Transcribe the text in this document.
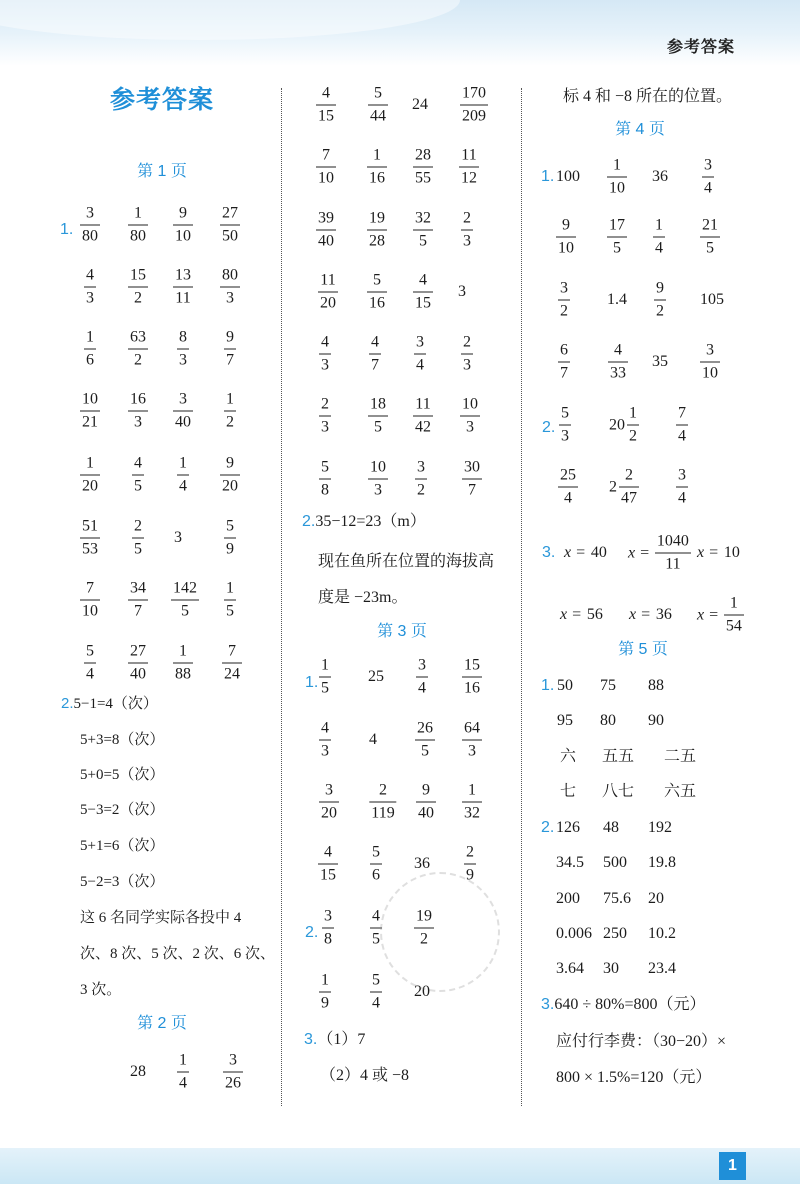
参考答案
参考答案
第 1 页
1. $\frac{3}{80} \frac{1}{80} \frac{9}{10} \frac{27}{50}$
$\frac{4}{3} \frac{15}{2} \frac{13}{11} \frac{80}{3}$
$\frac{1}{6} \frac{63}{2} \frac{8}{3} \frac{9}{7}$
$\frac{10}{21} \frac{16}{3} \frac{3}{40} \frac{1}{2}$
$\frac{1}{20} \frac{4}{5} \frac{1}{4} \frac{9}{20}$
$\frac{51}{53} \frac{2}{5} 3$	$\frac{5}{9}$
$\frac{7}{10} \frac{34}{7} \frac{142}{5} \frac{1}{5}$
$\frac{5}{4} \frac{27}{40} \frac{1}{88} \frac{7}{24}$
2.5−1=4（次）
5+3=8（次）
5+0=5（次）
5−3=2（次）
5+1=6（次）
5−2=3（次）
这 6 名同学实际各投中 4
次、8 次、5 次、2 次、6 次、
3 次。
第 2 页
$28 \frac{1}{4} \frac{3}{26}$
$\frac{4}{15} \frac{5}{44} 24 \frac{170}{209}$
$\frac{7}{10} \frac{1}{16} \frac{28}{55} \frac{11}{12}$
$\frac{39}{40} \frac{19}{28} \frac{32}{5} \frac{2}{3}$
$\frac{11}{20} \frac{5}{16} \frac{4}{15} 3$
$\frac{4}{3} \frac{4}{7} \frac{3}{4} \frac{2}{3}$
$\frac{2}{3} \frac{18}{5} \frac{11}{42} \frac{10}{3}$
$\frac{5}{8} \frac{10}{3} \frac{3}{2} \frac{30}{7}$
2.35−12=23（m）
现在鱼所在位置的海拔高
度是 −23m。
第 3 页
1. $\frac{1}{5} 25 \frac{3}{4} \frac{15}{16}$
$\frac{4}{3} 4 \frac{26}{5} \frac{64}{3}$
$\frac{3}{20} \frac{2}{119} \frac{9}{40} \frac{1}{32}$
$\frac{4}{15} \frac{5}{6} 36 \frac{2}{9}$
2. $\frac{3}{8} \frac{4}{5} \frac{19}{2}$
$\frac{1}{9} \frac{5}{4} 20$
3.（1）7
（2）4 或 −8
标 4 和 −8 所在的位置。
第 4 页
1. $100 \frac{1}{10} 36 \frac{3}{4}$
$\frac{9}{10} \frac{17}{5} \frac{1}{4} \frac{21}{5}$
$\frac{3}{2} 1.4 \frac{9}{2} 105$
$\frac{6}{7} \frac{4}{33} 35 \frac{3}{10}$
2. $\frac{5}{3} 20 \frac{1}{2} \frac{7}{4}$
$\frac{25}{4} 2 \frac{2}{47} \frac{3}{4}$
3. x = 40 $x = \frac{1040}{11}$ x = 10
x = 56 x = 36 $x = \frac{1}{54}$
第 5 页
1. 50 75 88
95 80 90
六 五五 二五
七 八七 六五
2. 126 48 192
34.5 500 19.8
200 75.6 20
0.006 250 10.2
3.64 30 23.4
3.640 ÷ 80%=800（元）
应付行李费：（30−20）×
800 × 1.5%=120（元）
1
